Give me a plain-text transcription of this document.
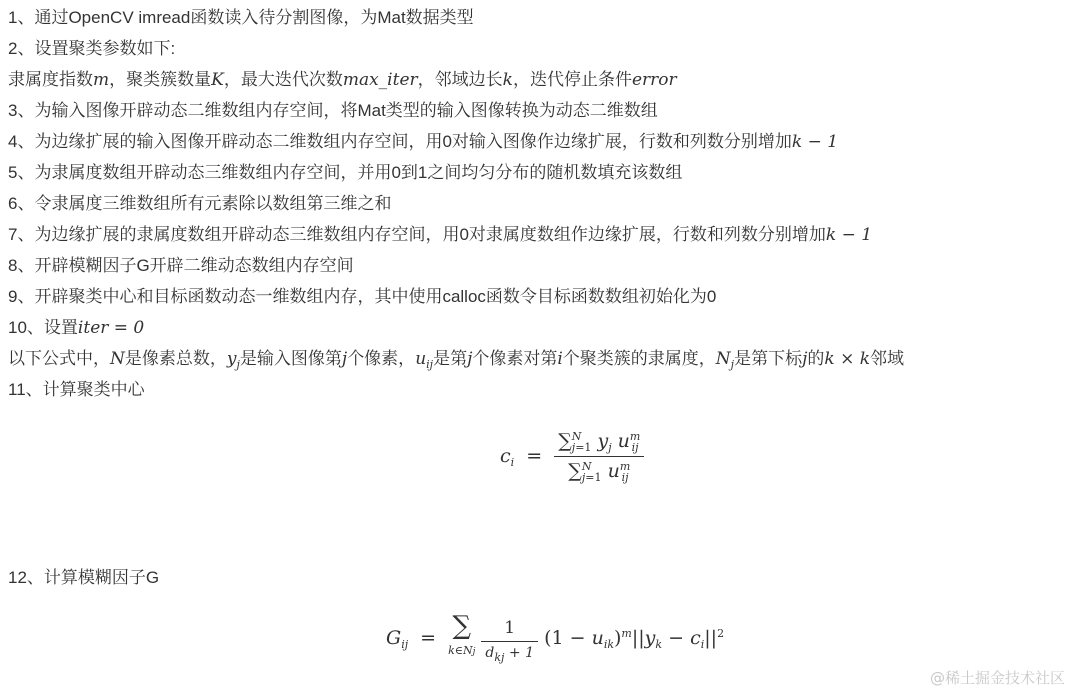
1、通过OpenCV imread函数读入待分割图像，为Mat数据类型
2、设置聚类参数如下:
隶属度指数m，聚类簇数量K，最大迭代次数max_iter，邻域边长k，迭代停止条件error
3、为输入图像开辟动态二维数组内存空间，将Mat类型的输入图像转换为动态二维数组
4、为边缘扩展的输入图像开辟动态二维数组内存空间，用0对输入图像作边缘扩展，行数和列数分别增加k − 1
5、为隶属度数组开辟动态三维数组内存空间，并用0到1之间均匀分布的随机数填充该数组
6、令隶属度三维数组所有元素除以数组第三维之和
7、为边缘扩展的隶属度数组开辟动态三维数组内存空间，用0对隶属度数组作边缘扩展，行数和列数分别增加k − 1
8、开辟模糊因子G开辟二维动态数组内存空间
9、开辟聚类中心和目标函数动态一维数组内存，其中使用calloc函数令目标函数数组初始化为0
10、设置iter = 0
以下公式中，N是像素总数，$y_j$是输入图像第j个像素，$u_{ij}$是第j个像素对第i个聚类簇的隶属度，$N_j$是第下标j的k × k邻域
11、计算聚类中心
$c_i$ =
∑N
j=1 $y_j$ um
ij
∑N
j=1 um
ij
12、计算模糊因子G
$G_{ij}$ = ∑
k∈Nj $\frac{1}{d_{kj} + 1} (1 - u_{ik})^m||y_k - c_i||^2$
@稀土掘金技术社区
